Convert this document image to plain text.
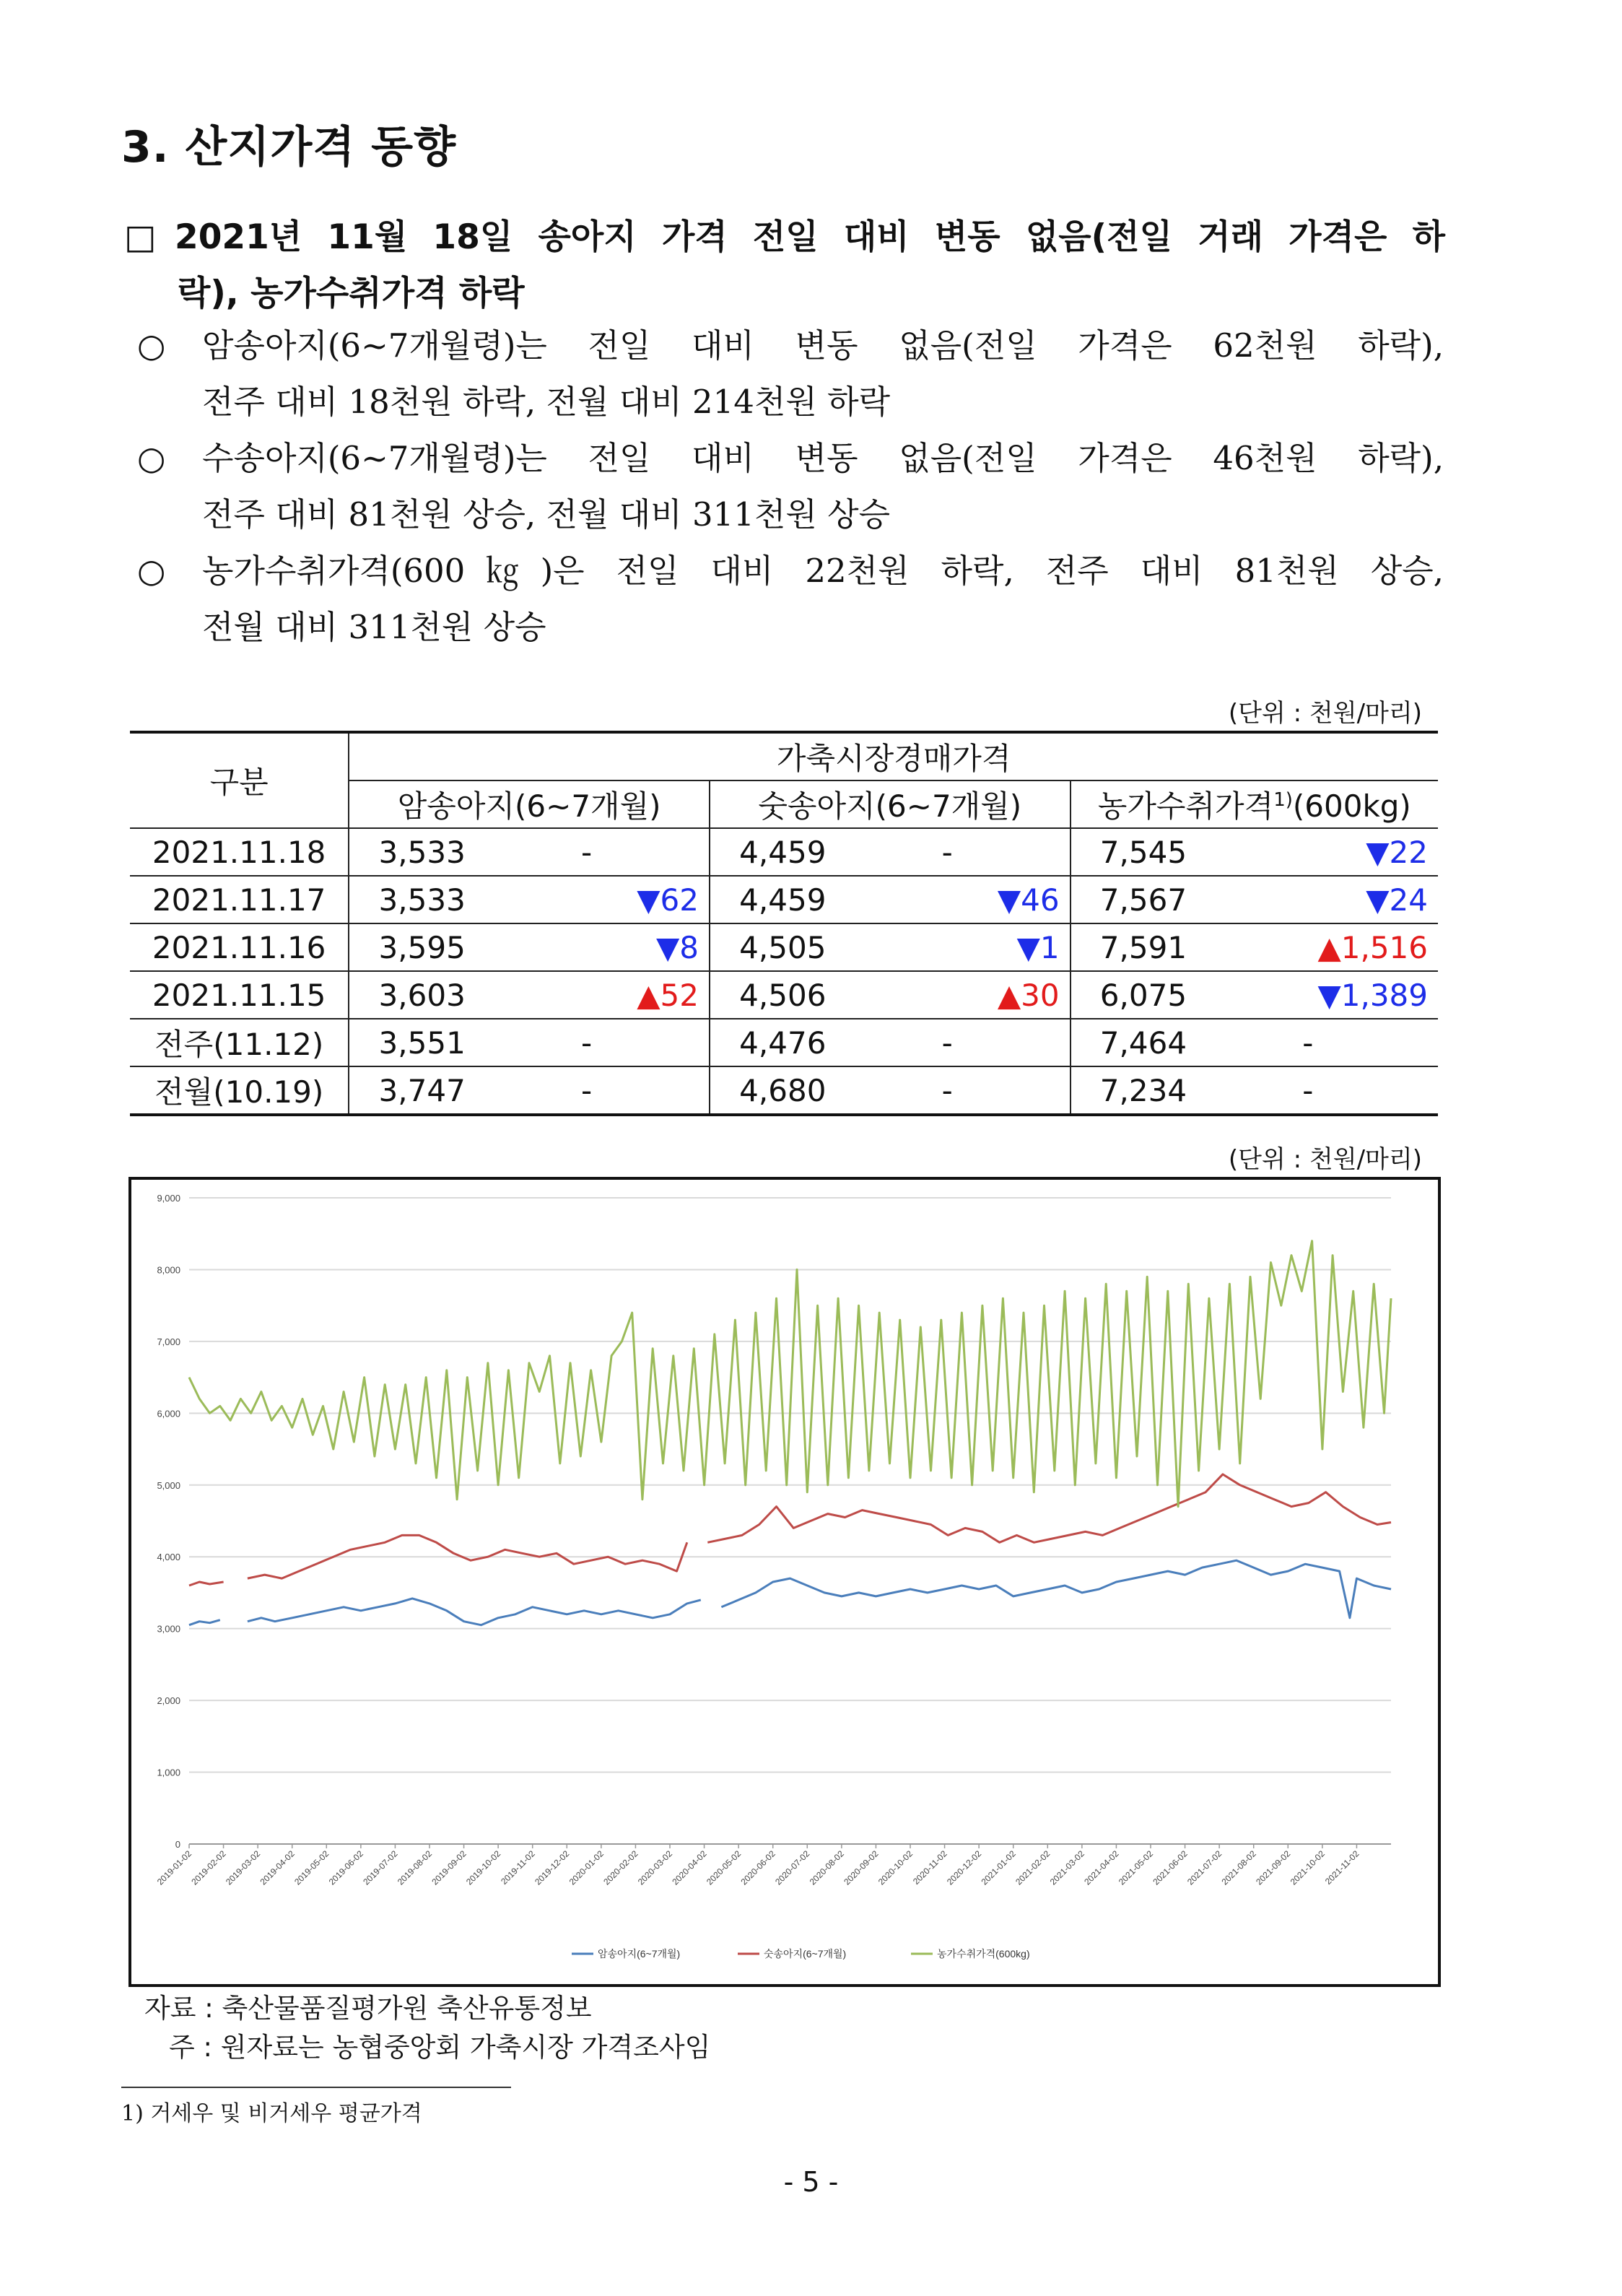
3. 산지가격 동향
□ 2021년 11월 18일 송아지 가격 전일 대비 변동 없음(전일 거래 가격은 하
락), 농가수취가격 하락
○	암송아지(6~7개월령)는 전일 대비 변동 없음(전일 가격은 62천원 하락),
전주 대비 18천원 하락, 전월 대비 214천원 하락
○	수송아지(6~7개월령)는 전일 대비 변동 없음(전일 가격은 46천원 하락),
전주 대비 81천원 상승, 전월 대비 311천원 상승
○	농가수취가격(600㎏)은 전일 대비 22천원 하락, 전주 대비 81천원 상승,
전월 대비 311천원 상승
(단위 : 천원/마리)
구분	가축시장경매가격					
	암송아지(6~7개월)		숫송아지(6~7개월)		농가수취가격$^{1)}$(600kg)	
2021.11.18	3,533	-	4,459	-	7,545	▼22
2021.11.17	3,533	▼62	4,459	▼46	7,567	▼24
2021.11.16	3,595	▼8	4,505	▼1	7,591	▲1,516
2021.11.15	3,603	▲52	4,506	▲30	6,075	▼1,389
전주(11.12)	3,551	-	4,476	-	7,464	-
전월(10.19)	3,747	-	4,680	-	7,234	-
(단위 : 천원/마리)
0
1,000
2,000
3,000
4,000
5,000
6,000
7,000
8,000
9,000
2019-01-02
2019-02-02
2019-03-02
2019-04-02
2019-05-02
2019-06-02
2019-07-02
2019-08-02
2019-09-02
2019-10-02
2019-11-02
2019-12-02
2020-01-02
2020-02-02
2020-03-02
2020-04-02
2020-05-02
2020-06-02
2020-07-02
2020-08-02
2020-09-02
2020-10-02
2020-11-02
2020-12-02
2021-01-02
2021-02-02
2021-03-02
2021-04-02
2021-05-02
2021-06-02
2021-07-02
2021-08-02
2021-09-02
2021-10-02
2021-11-02
암송아지(6~7개월)	숫송아지(6~7개월)	농가수취가격(600kg)
자료 : 축산물품질평가원 축산유통정보
주 : 원자료는 농협중앙회 가축시장 가격조사임
1) 거세우 및 비거세우 평균가격
- 5 -
